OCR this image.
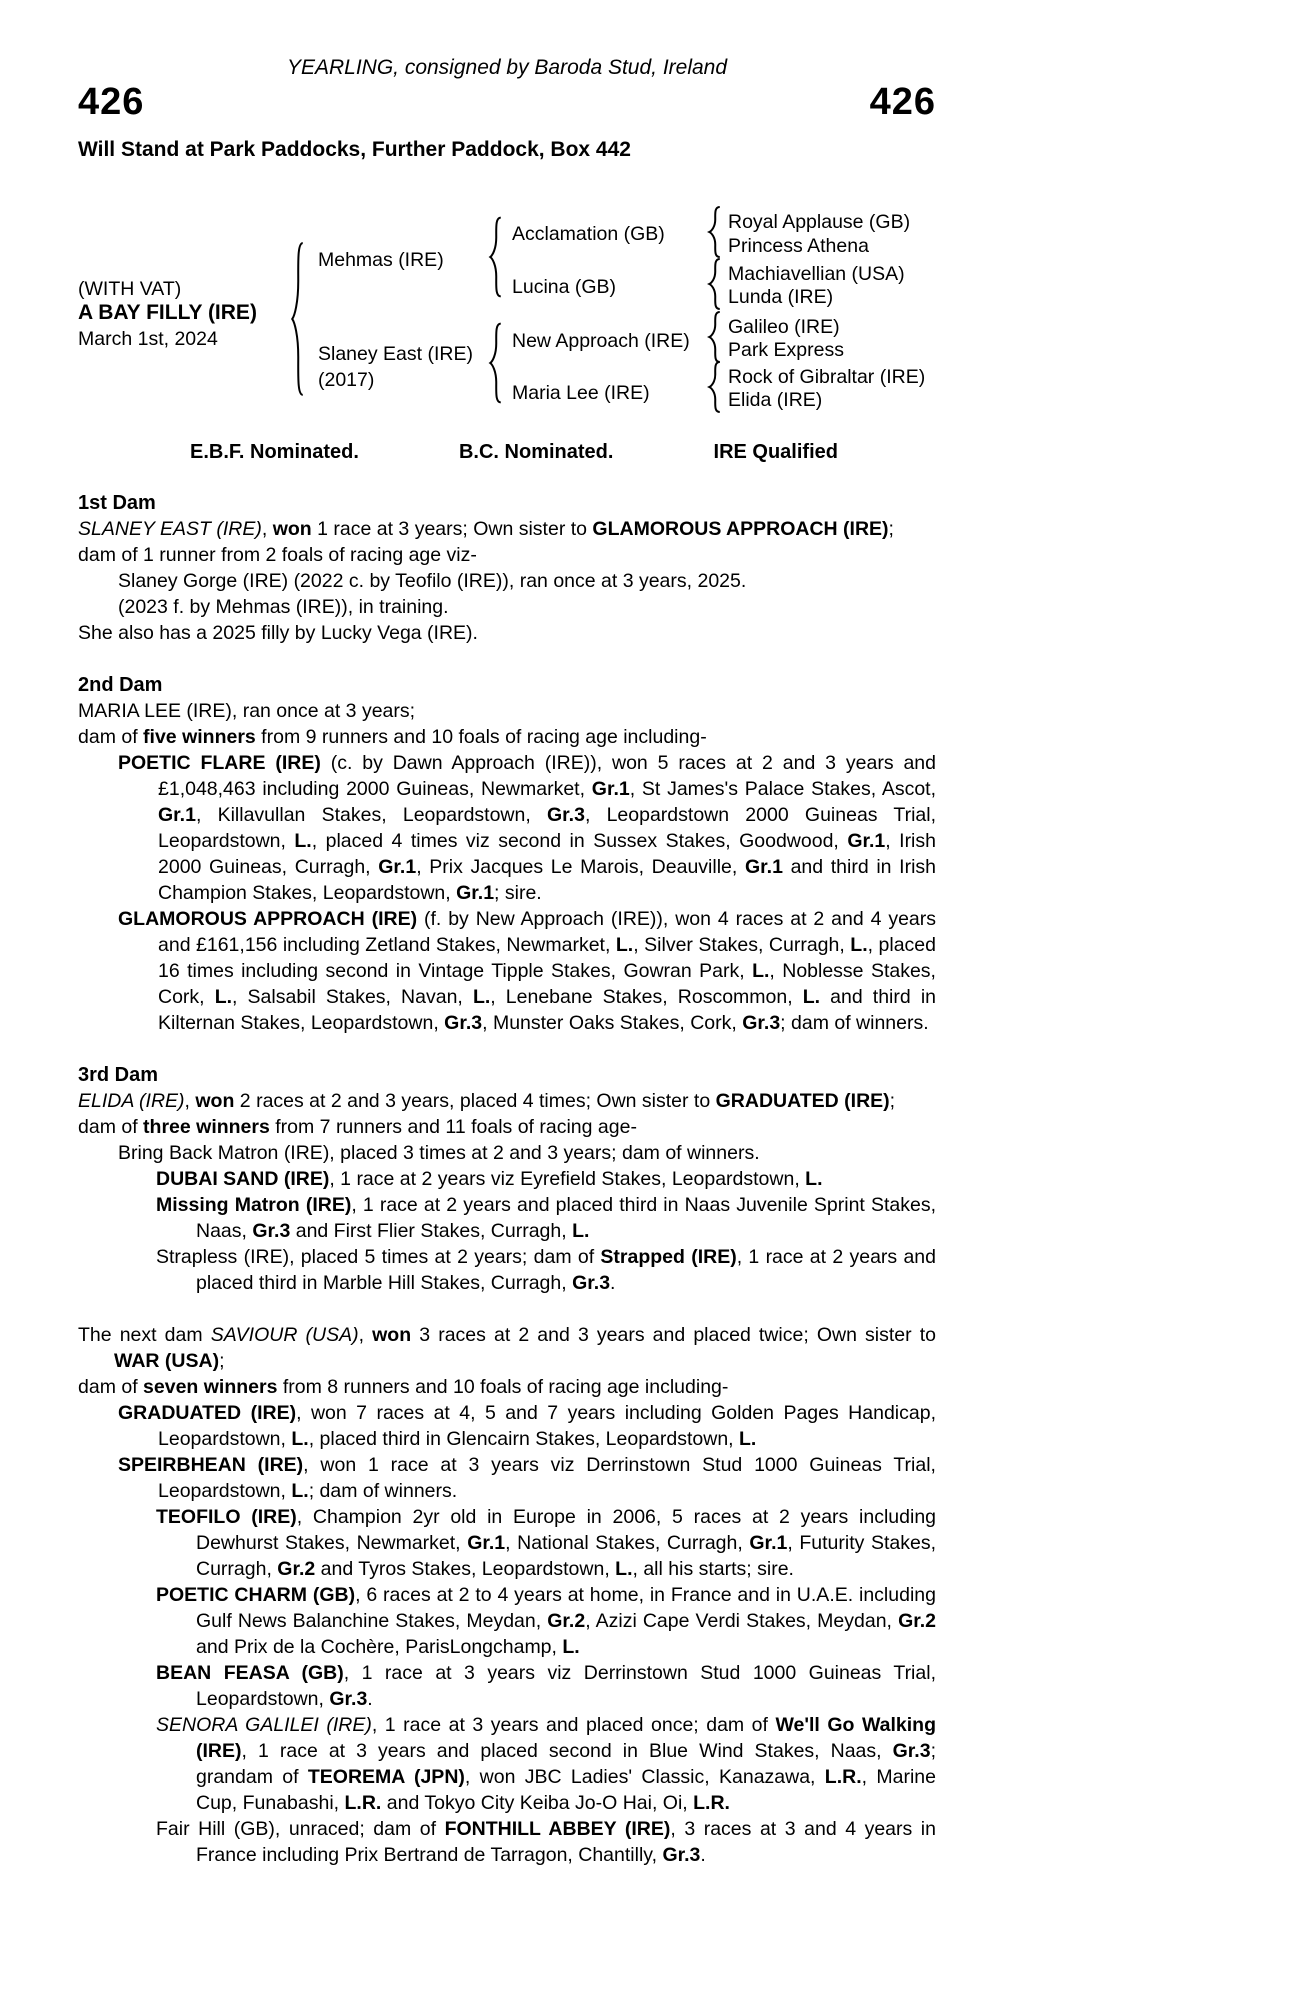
YEARLING, consigned by Baroda Stud, Ireland
426	426
Will Stand at Park Paddocks, Further Paddock, Box 442
(WITH VAT)
A BAY FILLY (IRE)
March 1st, 2024
Mehmas (IRE)
Slaney East (IRE)
(2017)
Acclamation (GB)
Lucina (GB)
New Approach (IRE)
Maria Lee (IRE)
Royal Applause (GB)
Princess Athena
Machiavellian (USA)
Lunda (IRE)
Galileo (IRE)
Park Express
Rock of Gibraltar (IRE)
Elida (IRE)
E.B.F. Nominated.	B.C. Nominated.	IRE Qualified
1st Dam

SLANEY EAST (IRE), won 1 race at 3 years; Own sister to GLAMOROUS APPROACH (IRE);

dam of 1 runner from 2 foals of racing age viz-

Slaney Gorge (IRE) (2022 c. by Teofilo (IRE)), ran once at 3 years, 2025.

(2023 f. by Mehmas (IRE)), in training.

She also has a 2025 filly by Lucky Vega (IRE).

2nd Dam

MARIA LEE (IRE), ran once at 3 years;

dam of five winners from 9 runners and 10 foals of racing age including-

POETIC FLARE (IRE) (c. by Dawn Approach (IRE)), won 5 races at 2 and 3 years and £1,048,463 including 2000 Guineas, Newmarket, Gr.1, St James's Palace Stakes, Ascot, Gr.1, Killavullan Stakes, Leopardstown, Gr.3, Leopardstown 2000 Guineas Trial, Leopardstown, L., placed 4 times viz second in Sussex Stakes, Goodwood, Gr.1, Irish 2000 Guineas, Curragh, Gr.1, Prix Jacques Le Marois, Deauville, Gr.1 and third in Irish Champion Stakes, Leopardstown, Gr.1; sire.

GLAMOROUS APPROACH (IRE) (f. by New Approach (IRE)), won 4 races at 2 and 4 years and £161,156 including Zetland Stakes, Newmarket, L., Silver Stakes, Curragh, L., placed 16 times including second in Vintage Tipple Stakes, Gowran Park, L., Noblesse Stakes, Cork, L., Salsabil Stakes, Navan, L., Lenebane Stakes, Roscommon, L. and third in Kilternan Stakes, Leopardstown, Gr.3, Munster Oaks Stakes, Cork, Gr.3; dam of winners.

3rd Dam

ELIDA (IRE), won 2 races at 2 and 3 years, placed 4 times; Own sister to GRADUATED (IRE);

dam of three winners from 7 runners and 11 foals of racing age-

Bring Back Matron (IRE), placed 3 times at 2 and 3 years; dam of winners.

DUBAI SAND (IRE), 1 race at 2 years viz Eyrefield Stakes, Leopardstown, L.

Missing Matron (IRE), 1 race at 2 years and placed third in Naas Juvenile Sprint Stakes, Naas, Gr.3 and First Flier Stakes, Curragh, L.

Strapless (IRE), placed 5 times at 2 years; dam of Strapped (IRE), 1 race at 2 years and placed third in Marble Hill Stakes, Curragh, Gr.3.

The next dam SAVIOUR (USA), won 3 races at 2 and 3 years and placed twice; Own sister to WAR (USA);

dam of seven winners from 8 runners and 10 foals of racing age including-

GRADUATED (IRE), won 7 races at 4, 5 and 7 years including Golden Pages Handicap, Leopardstown, L., placed third in Glencairn Stakes, Leopardstown, L.

SPEIRBHEAN (IRE), won 1 race at 3 years viz Derrinstown Stud 1000 Guineas Trial, Leopardstown, L.; dam of winners.

TEOFILO (IRE), Champion 2yr old in Europe in 2006, 5 races at 2 years including Dewhurst Stakes, Newmarket, Gr.1, National Stakes, Curragh, Gr.1, Futurity Stakes, Curragh, Gr.2 and Tyros Stakes, Leopardstown, L., all his starts; sire.

POETIC CHARM (GB), 6 races at 2 to 4 years at home, in France and in U.A.E. including Gulf News Balanchine Stakes, Meydan, Gr.2, Azizi Cape Verdi Stakes, Meydan, Gr.2 and Prix de la Cochère, ParisLongchamp, L.

BEAN FEASA (GB), 1 race at 3 years viz Derrinstown Stud 1000 Guineas Trial, Leopardstown, Gr.3.

SENORA GALILEI (IRE), 1 race at 3 years and placed once; dam of We'll Go Walking (IRE), 1 race at 3 years and placed second in Blue Wind Stakes, Naas, Gr.3; grandam of TEOREMA (JPN), won JBC Ladies' Classic, Kanazawa, L.R., Marine Cup, Funabashi, L.R. and Tokyo City Keiba Jo-O Hai, Oi, L.R.

Fair Hill (GB), unraced; dam of FONTHILL ABBEY (IRE), 3 races at 3 and 4 years in France including Prix Bertrand de Tarragon, Chantilly, Gr.3.
